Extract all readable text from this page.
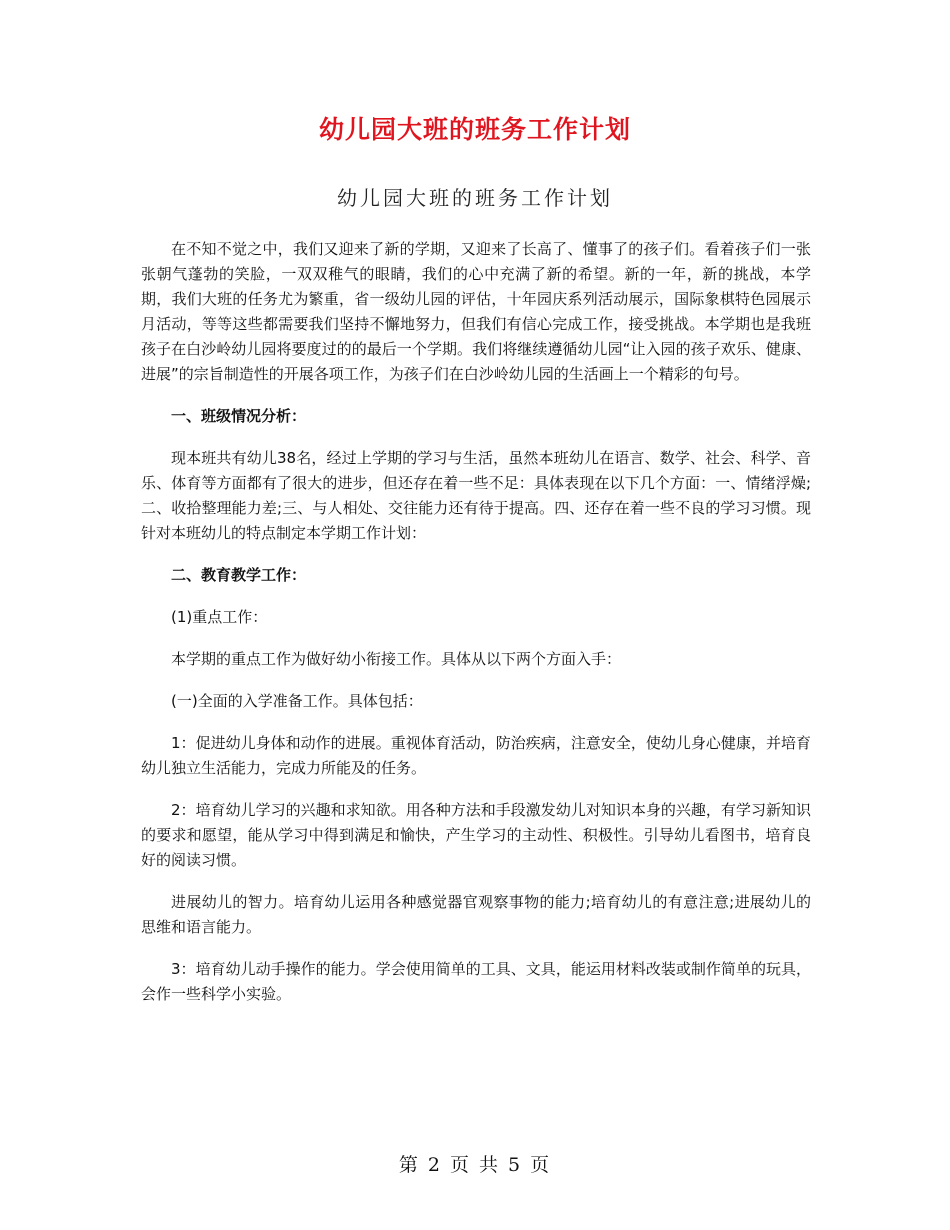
幼儿园大班的班务工作计划
幼儿园大班的班务工作计划

在不知不觉之中，我们又迎来了新的学期，又迎来了长高了、懂事了的孩子们。看着孩子们一张张朝气蓬勃的笑脸，一双双稚气的眼睛，我们的心中充满了新的希望。新的一年，新的挑战，本学期，我们大班的任务尤为繁重，省一级幼儿园的评估，十年园庆系列活动展示，国际象棋特色园展示月活动，等等这些都需要我们坚持不懈地努力，但我们有信心完成工作，接受挑战。本学期也是我班孩子在白沙岭幼儿园将要度过的的最后一个学期。我们将继续遵循幼儿园“让入园的孩子欢乐、健康、进展”的宗旨制造性的开展各项工作，为孩子们在白沙岭幼儿园的生活画上一个精彩的句号。

一、班级情况分析：

现本班共有幼儿38名，经过上学期的学习与生活，虽然本班幼儿在语言、数学、社会、科学、音乐、体育等方面都有了很大的进步，但还存在着一些不足：具体表现在以下几个方面：一、情绪浮燥;二、收拾整理能力差;三、与人相处、交往能力还有待于提高。四、还存在着一些不良的学习习惯。现针对本班幼儿的特点制定本学期工作计划：

二、教育教学工作：

(1)重点工作：

本学期的重点工作为做好幼小衔接工作。具体从以下两个方面入手：

(一)全面的入学准备工作。具体包括：

1：促进幼儿身体和动作的进展。重视体育活动，防治疾病，注意安全，使幼儿身心健康，并培育幼儿独立生活能力，完成力所能及的任务。

2：培育幼儿学习的兴趣和求知欲。用各种方法和手段激发幼儿对知识本身的兴趣，有学习新知识的要求和愿望，能从学习中得到满足和愉快，产生学习的主动性、积极性。引导幼儿看图书，培育良好的阅读习惯。

进展幼儿的智力。培育幼儿运用各种感觉器官观察事物的能力;培育幼儿的有意注意;进展幼儿的思维和语言能力。

3：培育幼儿动手操作的能力。学会使用简单的工具、文具，能运用材料改装或制作简单的玩具，会作一些科学小实验。

第 2 页 共 5 页
